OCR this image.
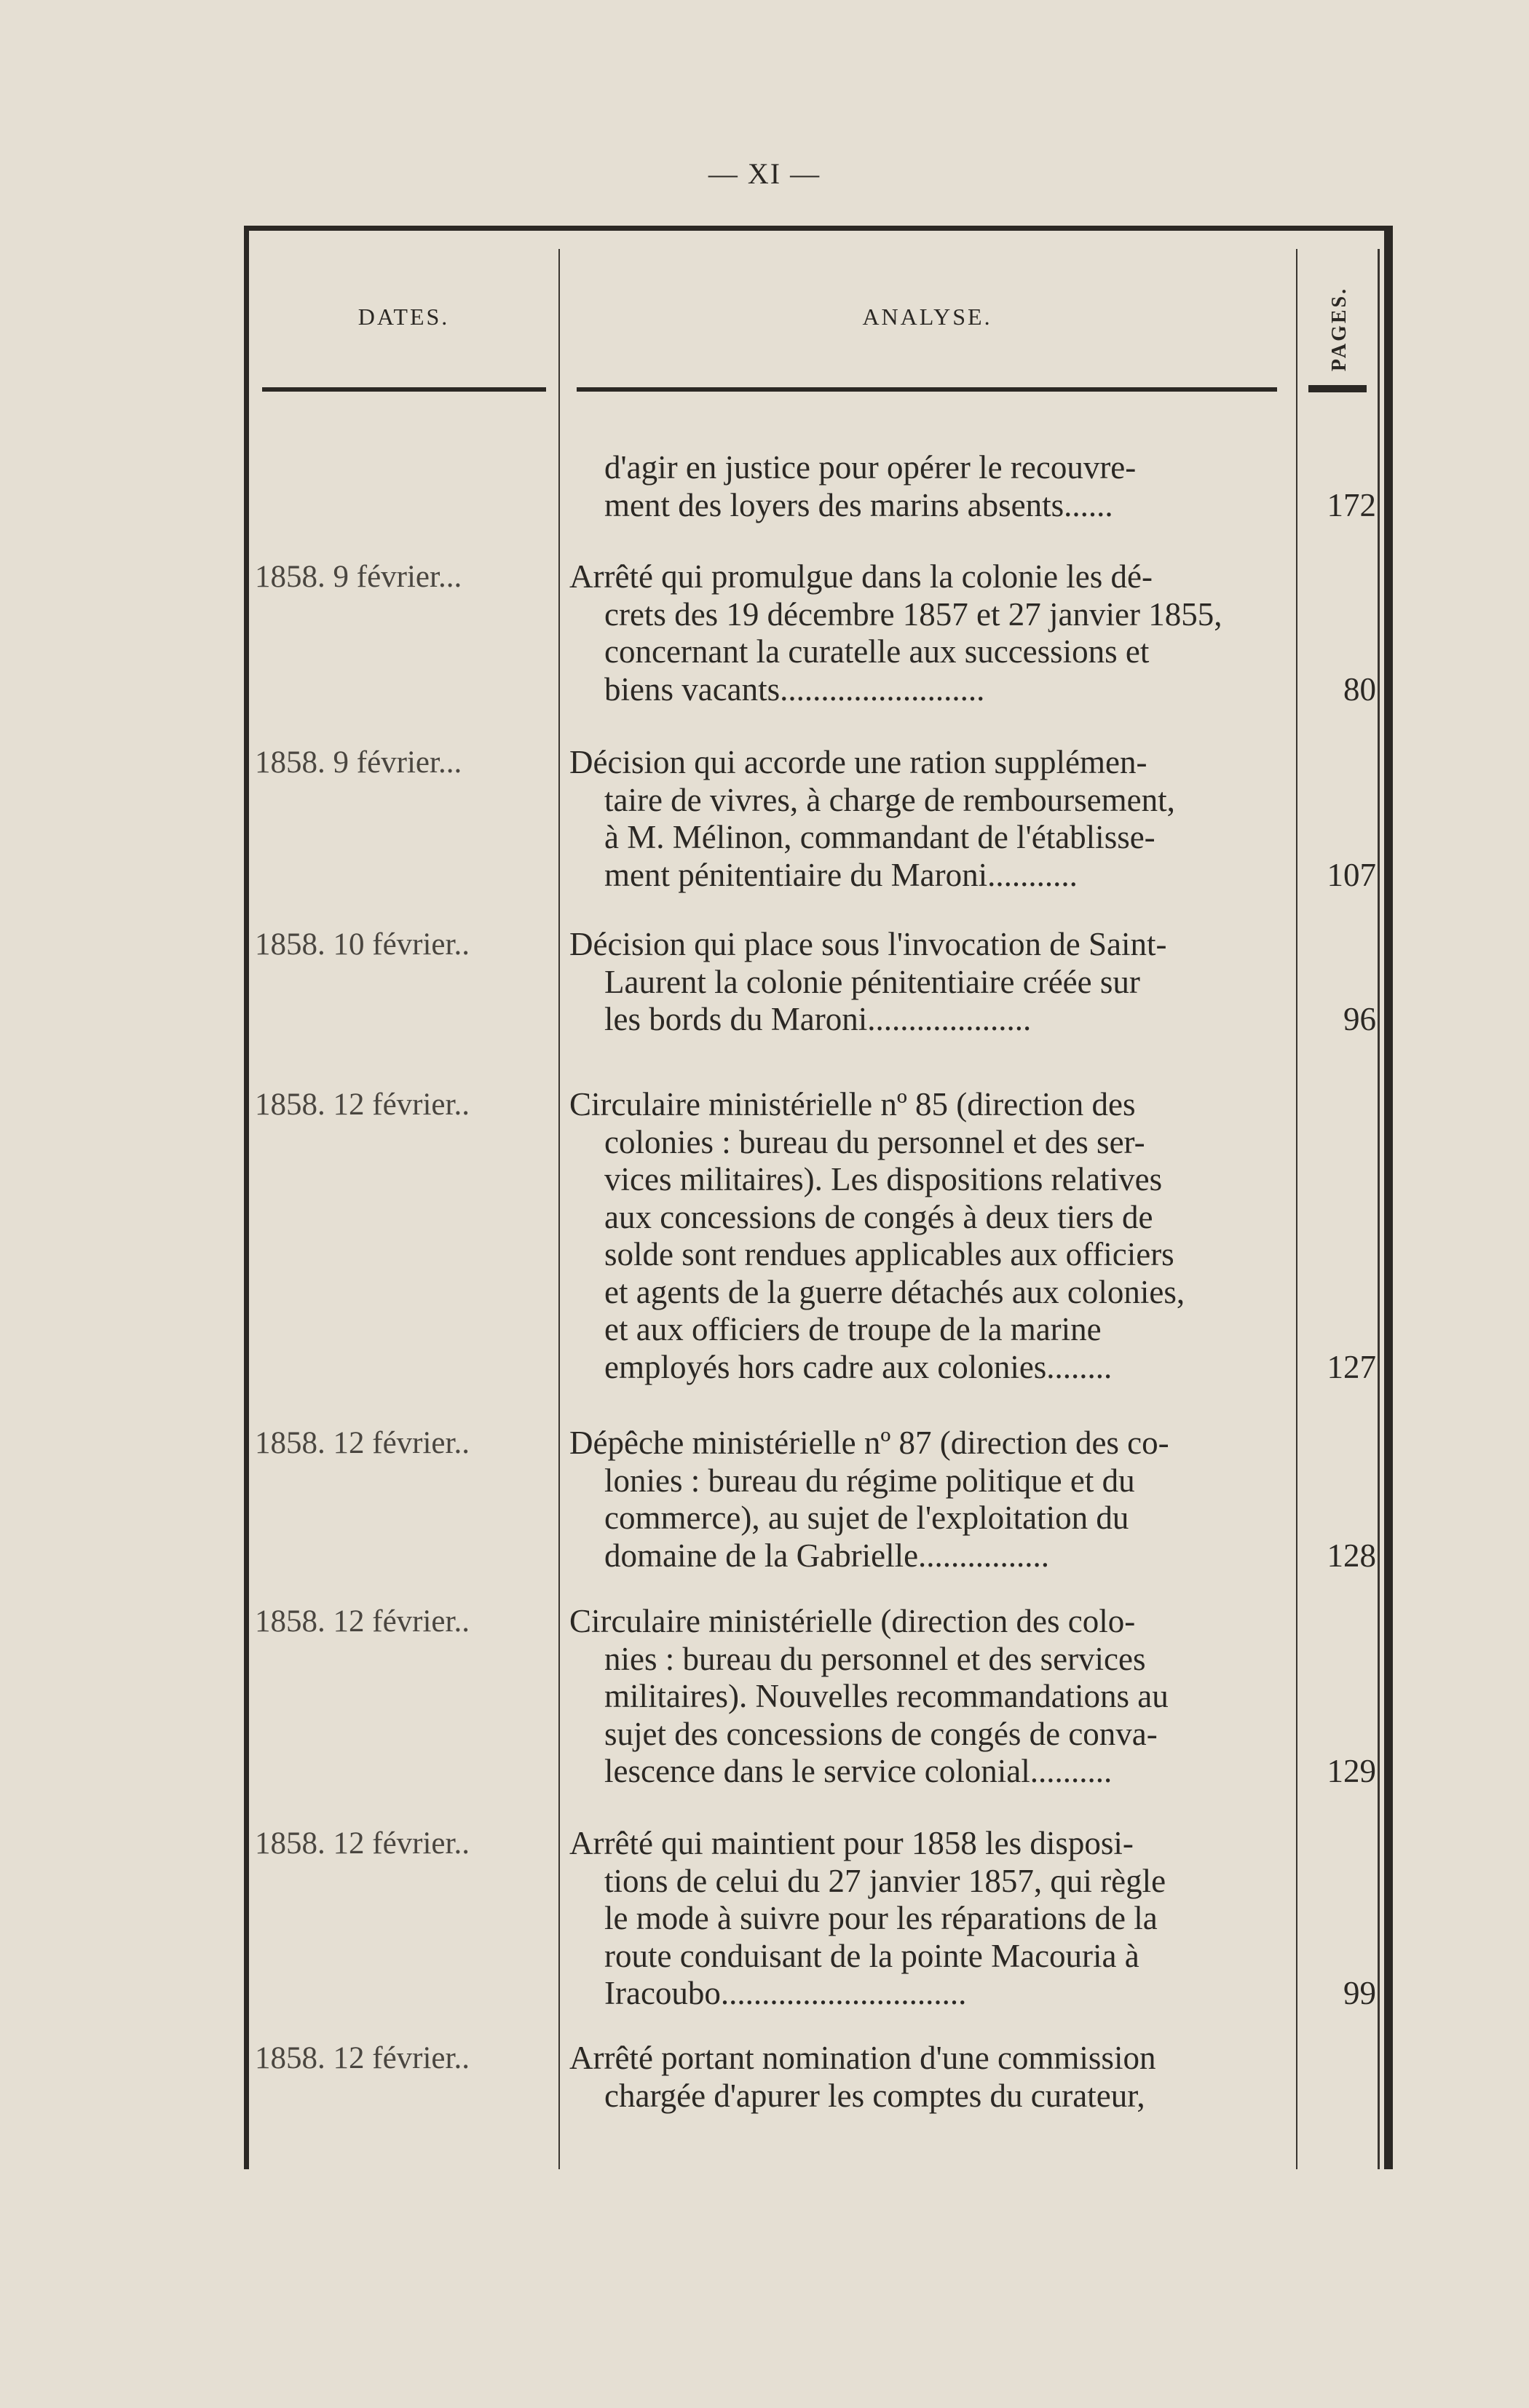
— XI —
DATES.	ANALYSE.	PAGES.
d'agir en justice pour opérer le recouvre-
ment des loyers des marins absents......	172
1858. 9 février...	Arrêté qui promulgue dans la colonie les dé-
crets des 19 décembre 1857 et 27 janvier 1855,
concernant la curatelle aux successions et
biens vacants.........................	80
1858. 9 février...	Décision qui accorde une ration supplémen-
taire de vivres, à charge de remboursement,
à M. Mélinon, commandant de l'établisse-
ment pénitentiaire du Maroni...........	107
1858. 10 février..	Décision qui place sous l'invocation de Saint-
Laurent la colonie pénitentiaire créée sur
les bords du Maroni....................	96
1858. 12 février..	Circulaire ministérielle nº 85 (direction des
colonies : bureau du personnel et des ser-
vices militaires). Les dispositions relatives
aux concessions de congés à deux tiers de
solde sont rendues applicables aux officiers
et agents de la guerre détachés aux colonies,
et aux officiers de troupe de la marine
employés hors cadre aux colonies........	127
1858. 12 février..	Dépêche ministérielle nº 87 (direction des co-
lonies : bureau du régime politique et du
commerce), au sujet de l'exploitation du
domaine de la Gabrielle................	128
1858. 12 février..	Circulaire ministérielle (direction des colo-
nies : bureau du personnel et des services
militaires). Nouvelles recommandations au
sujet des concessions de congés de conva-
lescence dans le service colonial..........	129
1858. 12 février..	Arrêté qui maintient pour 1858 les disposi-
tions de celui du 27 janvier 1857, qui règle
le mode à suivre pour les réparations de la
route conduisant de la pointe Macouria à
Iracoubo..............................	99
1858. 12 février..	Arrêté portant nomination d'une commission
chargée d'apurer les comptes du curateur,
